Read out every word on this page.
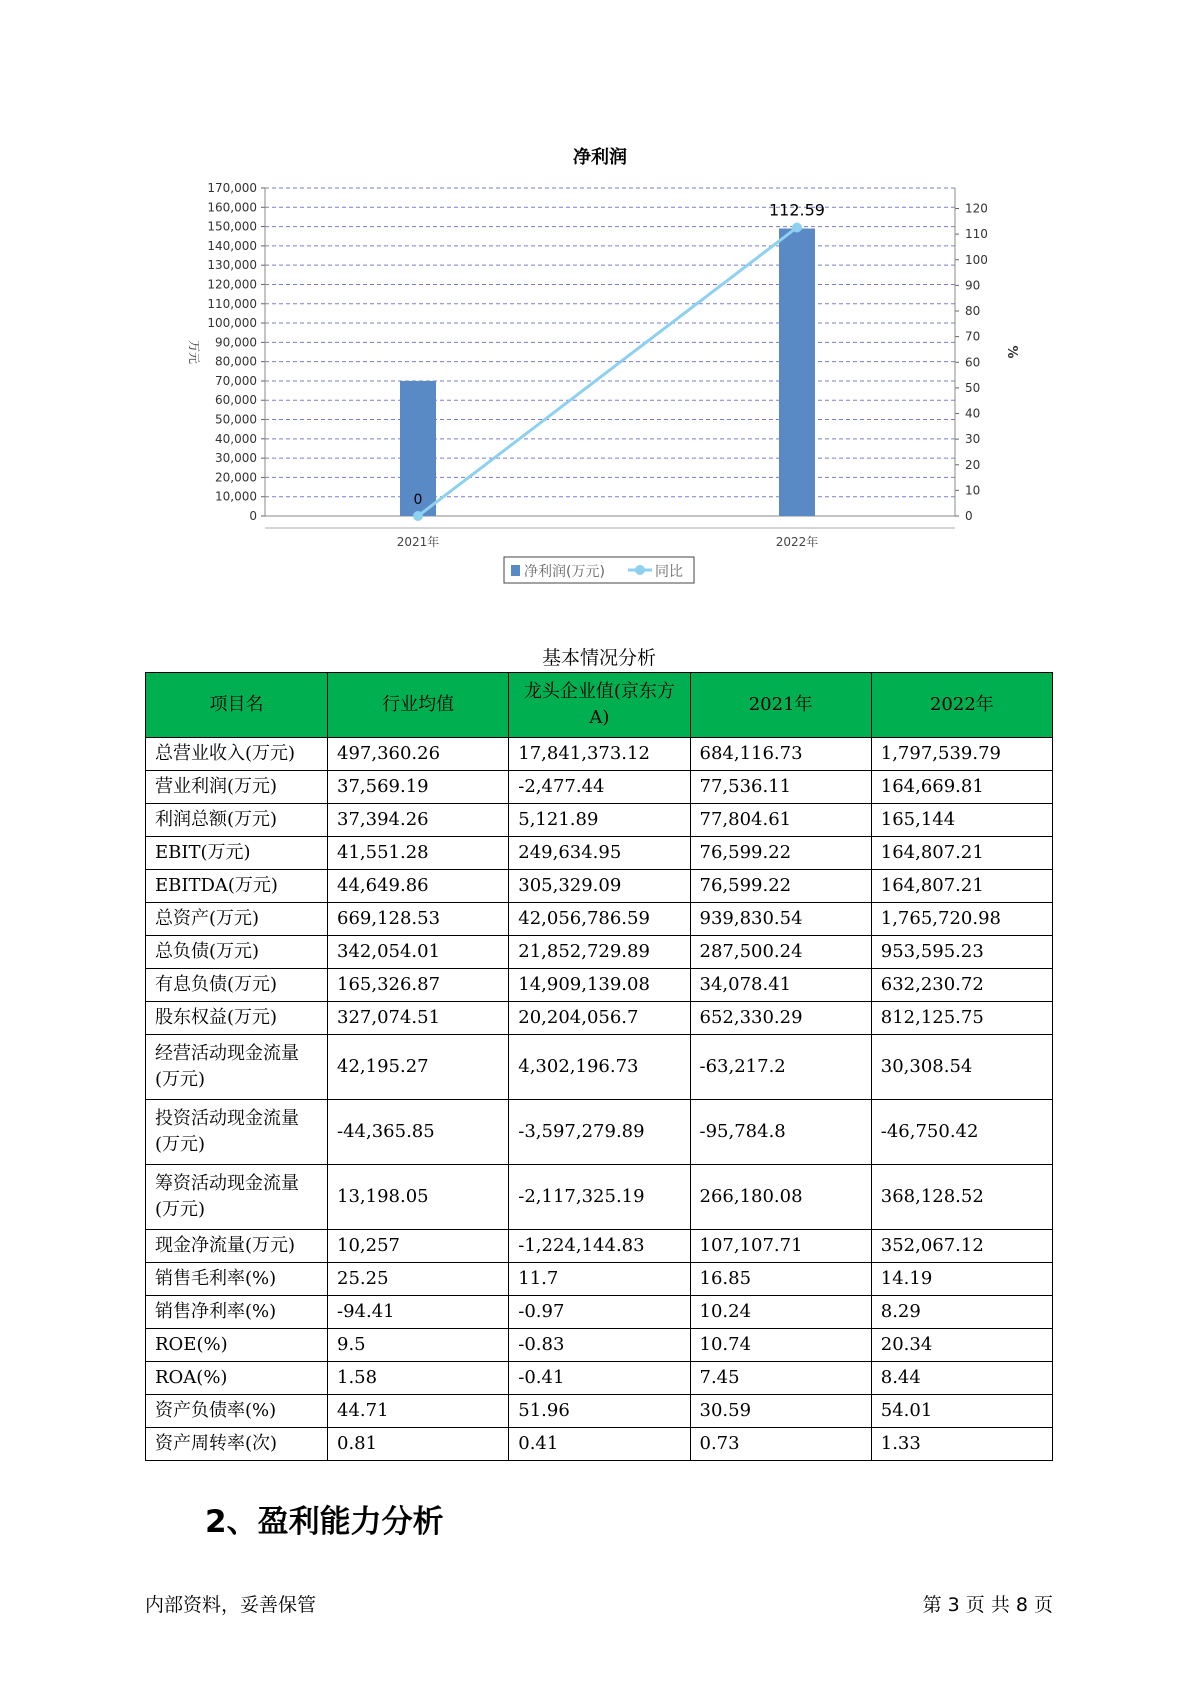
净利润
0
10,000
20,000
30,000
40,000
50,000
60,000
70,000
80,000
90,000
100,000
110,000
120,000
130,000
140,000
150,000
160,000
170,000
0
10
20
30
40
50
60
70
80
90
100
110
120
万元	%
2021年	2022年
0
112.59
净利润(万元)	同比
基本情况分析
项目名	行业均值	龙头企业值(京东方A)	2021年	2022年
总营业收入(万元)	497,360.26	17,841,373.12	684,116.73	1,797,539.79
营业利润(万元)	37,569.19	-2,477.44	77,536.11	164,669.81
利润总额(万元)	37,394.26	5,121.89	77,804.61	165,144
EBIT(万元)	41,551.28	249,634.95	76,599.22	164,807.21
EBITDA(万元)	44,649.86	305,329.09	76,599.22	164,807.21
总资产(万元)	669,128.53	42,056,786.59	939,830.54	1,765,720.98
总负债(万元)	342,054.01	21,852,729.89	287,500.24	953,595.23
有息负债(万元)	165,326.87	14,909,139.08	34,078.41	632,230.72
股东权益(万元)	327,074.51	20,204,056.7	652,330.29	812,125.75
经营活动现金流量(万元)	42,195.27	4,302,196.73	-63,217.2	30,308.54
投资活动现金流量(万元)	-44,365.85	-3,597,279.89	-95,784.8	-46,750.42
筹资活动现金流量(万元)	13,198.05	-2,117,325.19	266,180.08	368,128.52
现金净流量(万元)	10,257	-1,224,144.83	107,107.71	352,067.12
销售毛利率(%)	25.25	11.7	16.85	14.19
销售净利率(%)	-94.41	-0.97	10.24	8.29
ROE(%)	9.5	-0.83	10.74	20.34
ROA(%)	1.58	-0.41	7.45	8.44
资产负债率(%)	44.71	51.96	30.59	54.01
资产周转率(次)	0.81	0.41	0.73	1.33
2、盈利能力分析
内部资料，妥善保管	第 3 页 共 8 页
